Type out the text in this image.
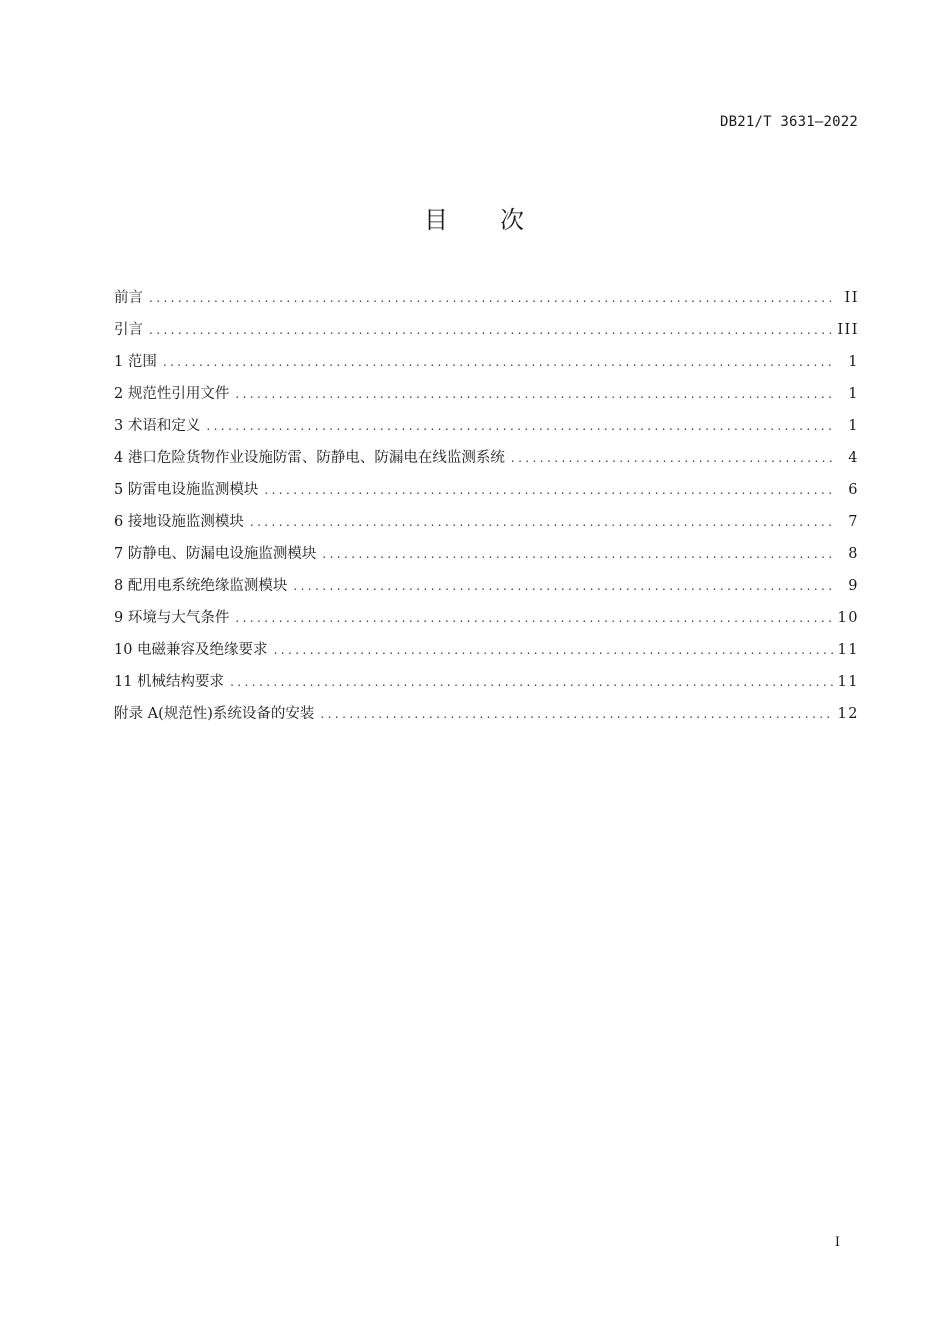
DB21/T 3631—2022
目 次
前言 . . .	II
引言 . . .	III
1 范围 . . .	1
2 规范性引用文件 . . .	1
3 术语和定义 . . .	1
4 港口危险货物作业设施防雷、防静电、防漏电在线监测系统 . . .	4
5 防雷电设施监测模块 . . .	6
6 接地设施监测模块 . . .	7
7 防静电、防漏电设施监测模块 . . .	8
8 配用电系统绝缘监测模块 . . .	9
9 环境与大气条件 . . .	10
10 电磁兼容及绝缘要求 . . .	11
11 机械结构要求 . . .	11
附录 A(规范性)系统设备的安装 . . .	12
I
